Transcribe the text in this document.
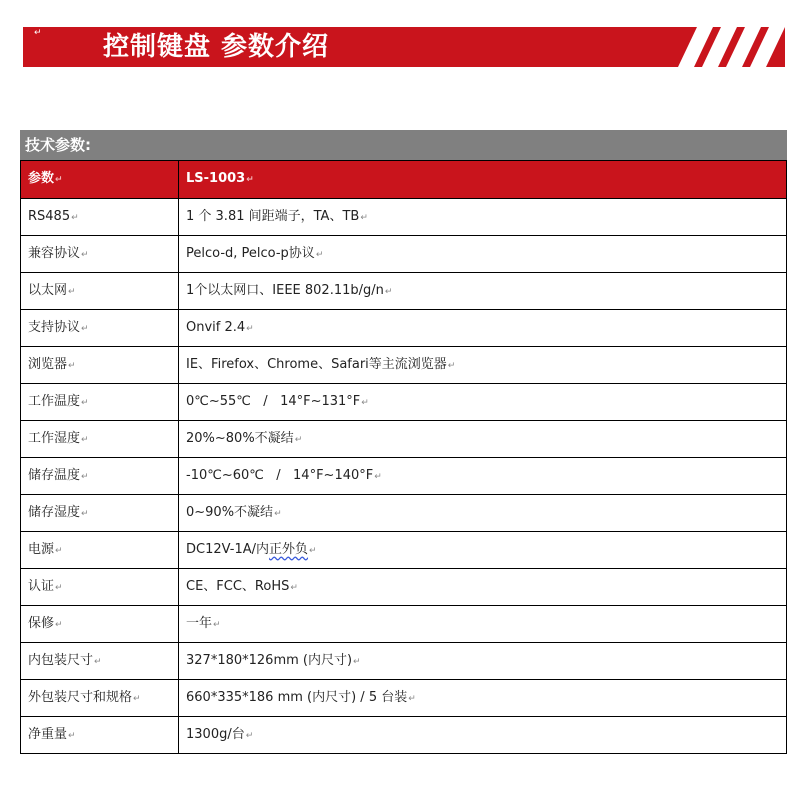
↵ 控制键盘 参数介绍
技术参数:
参数↵	LS-1003↵
RS485↵	1 个 3.81 间距端子，TA、TB↵
兼容协议↵	Pelco-d, Pelco-p协议↵
以太网↵	1个以太网口、IEEE 802.11b/g/n↵
支持协议↵	Onvif 2.4↵
浏览器↵	IE、Firefox、Chrome、Safari等主流浏览器↵
工作温度↵	0℃~55℃   /   14°F~131°F↵
工作湿度↵	20%~80%不凝结↵
储存温度↵	-10℃~60℃   /   14°F~140°F↵
储存湿度↵	0~90%不凝结↵
电源↵	DC12V-1A/内正外负↵
认证↵	CE、FCC、RoHS↵
保修↵	一年↵
内包装尺寸↵	327*180*126mm (内尺寸)↵
外包装尺寸和规格↵	660*335*186 mm (内尺寸) / 5 台装↵
净重量↵	1300g/台↵
